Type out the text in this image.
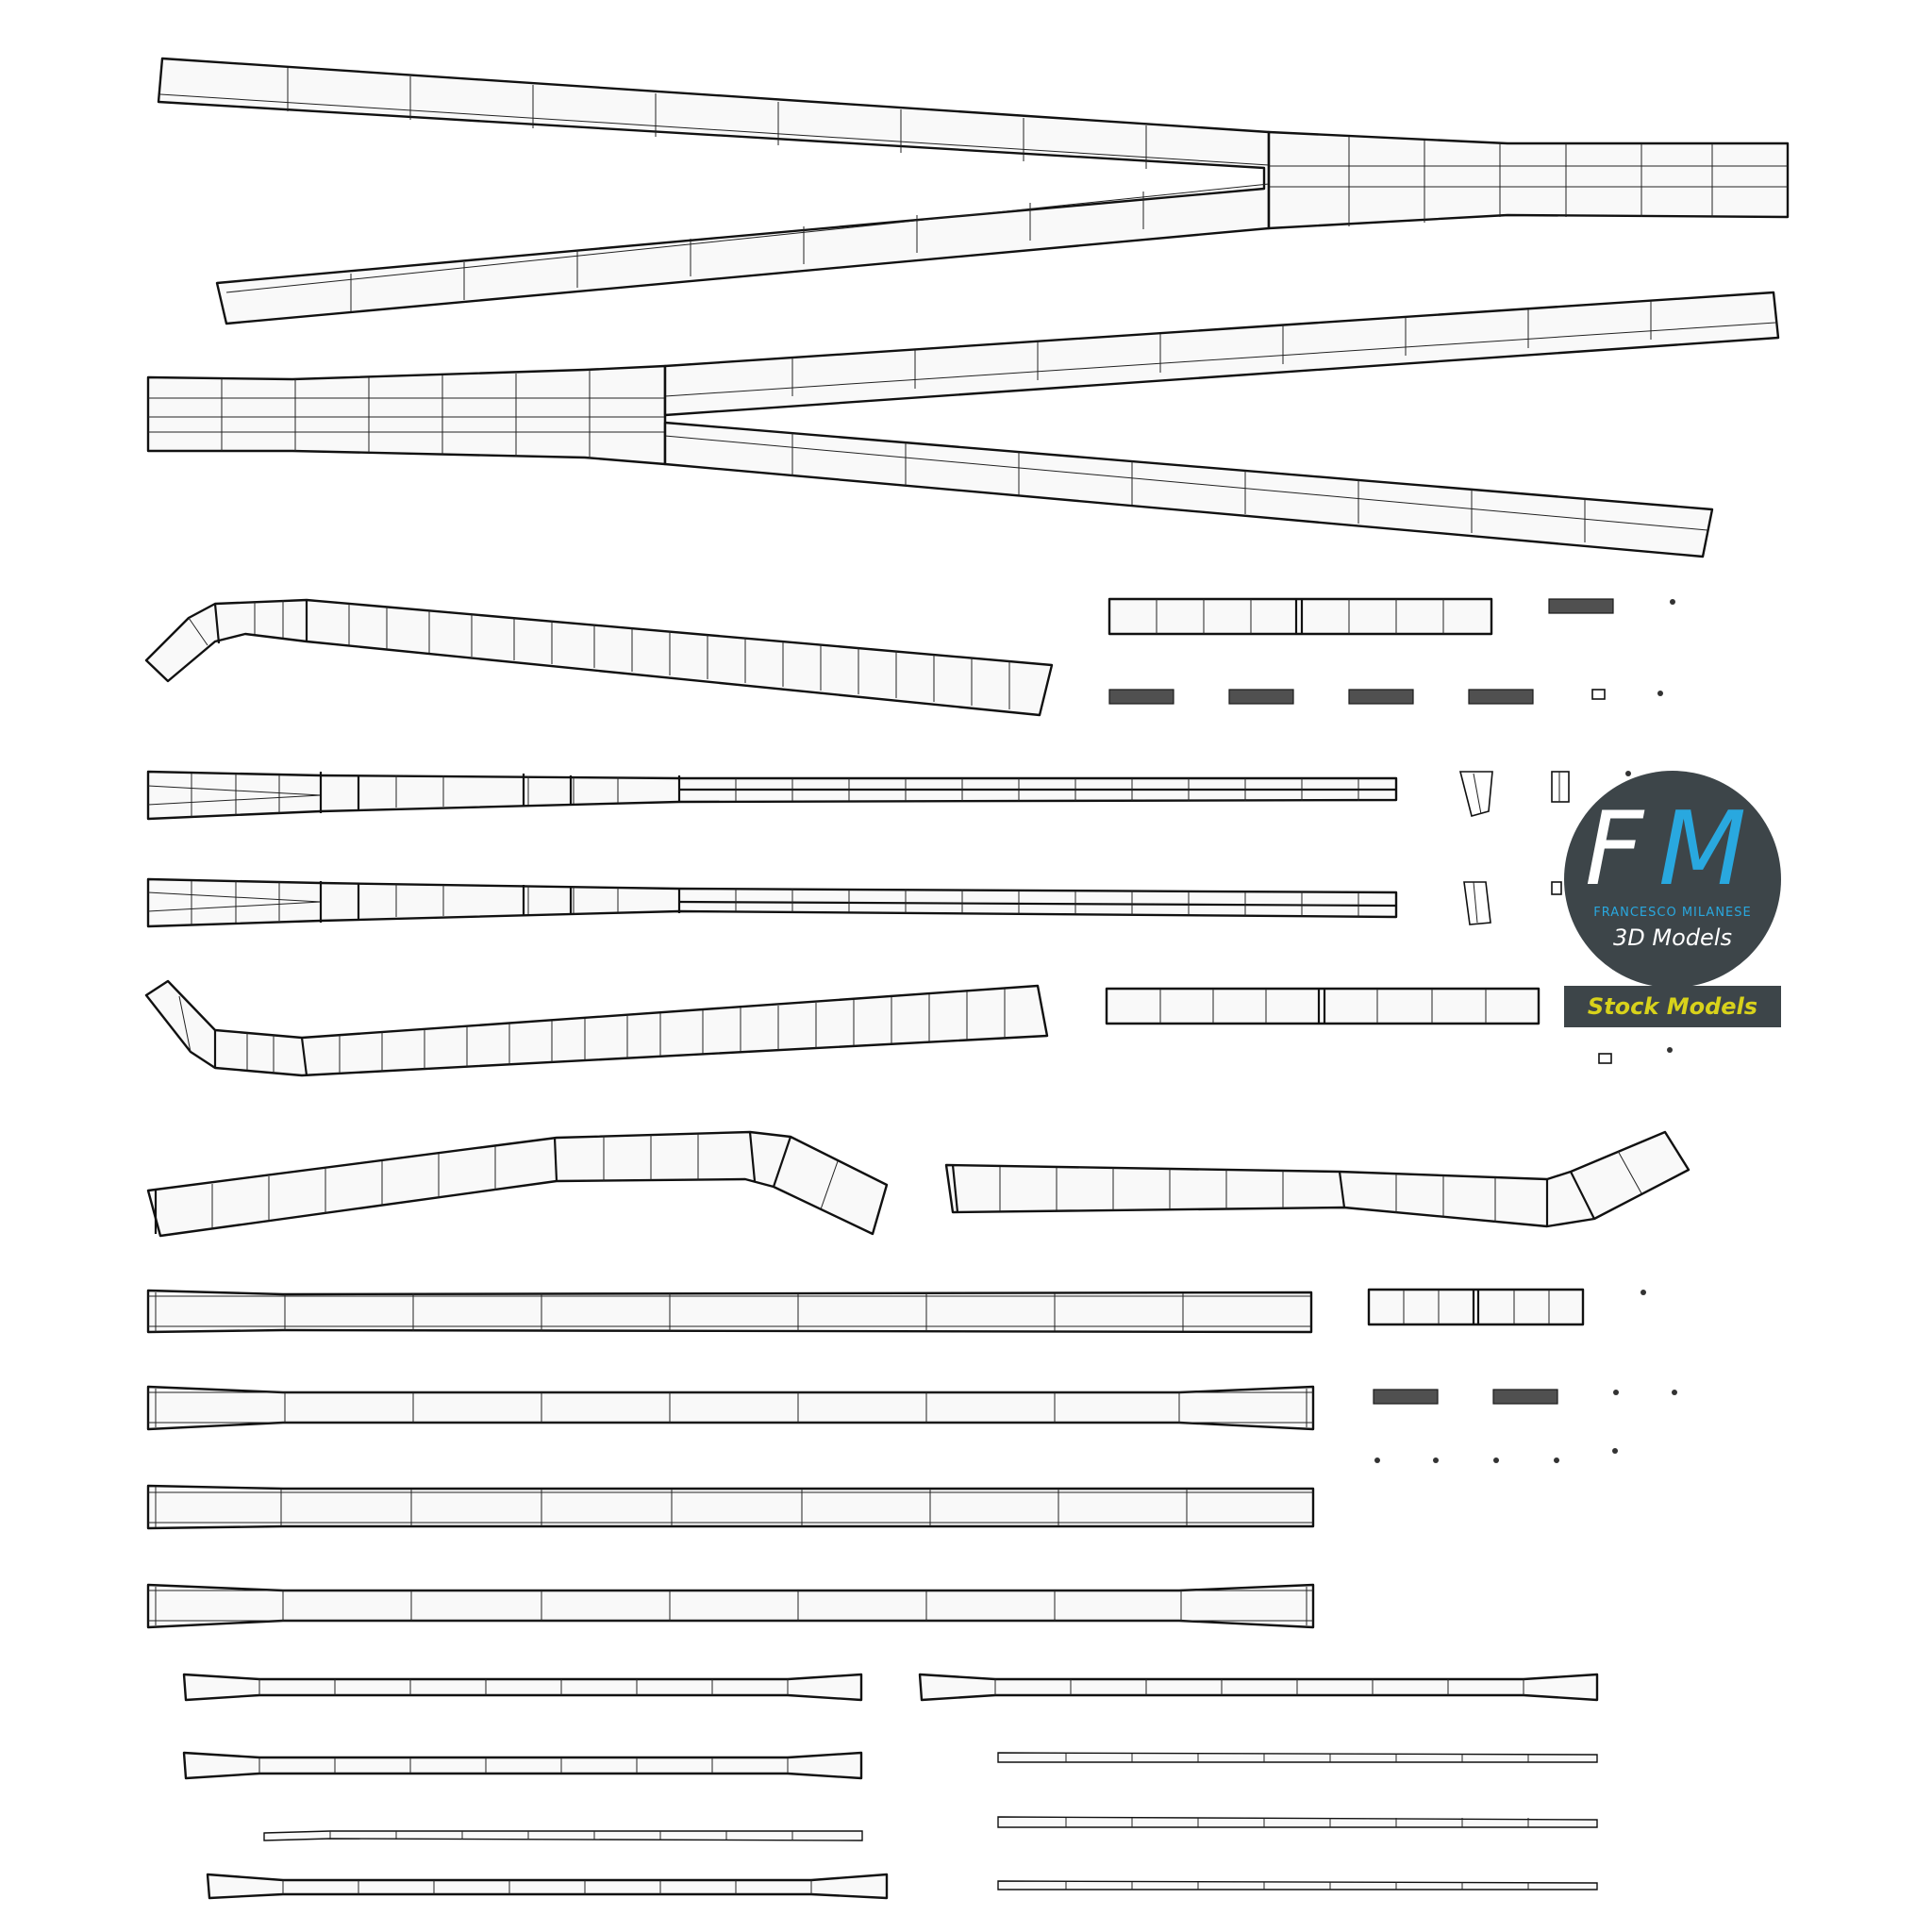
F M
FRANCESCO MILANESE
3D Models
Stock Models
